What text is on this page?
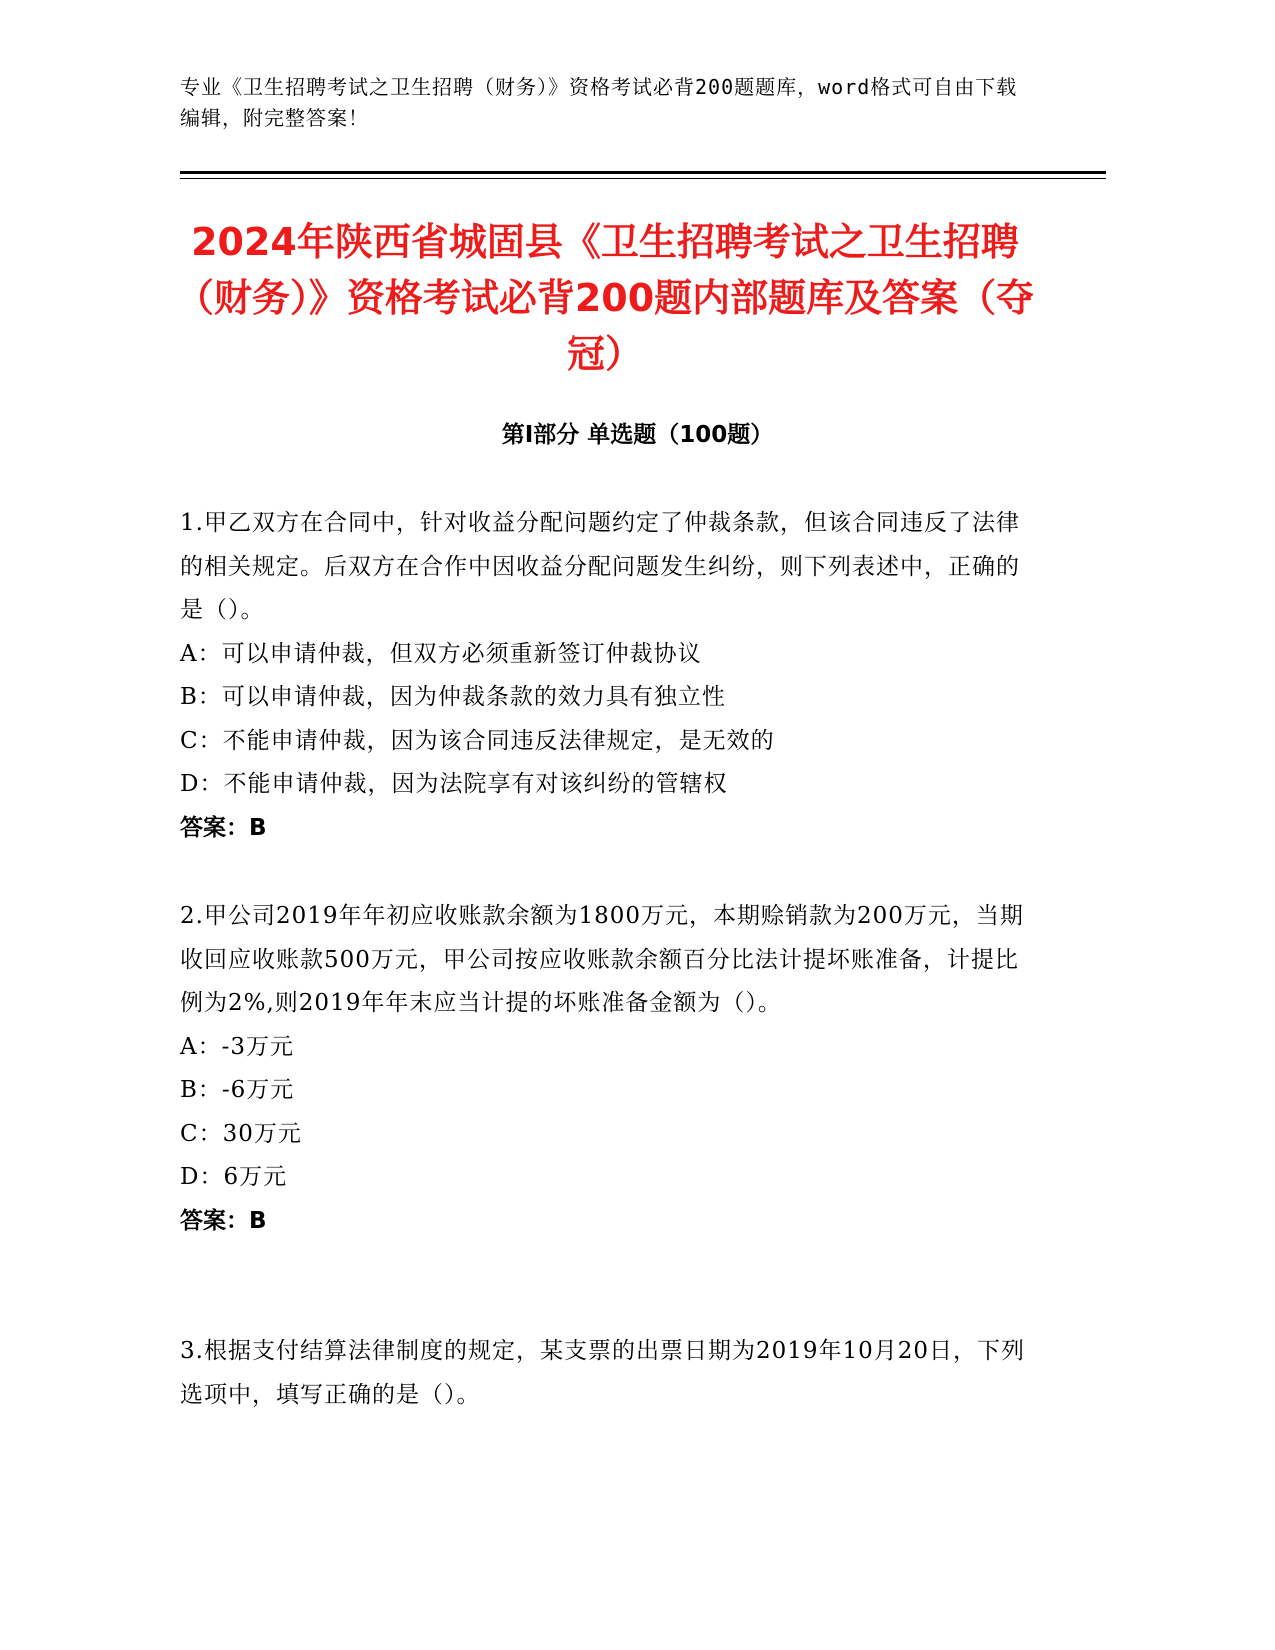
专业《卫生招聘考试之卫生招聘（财务）》资格考试必背200题题库，word格式可自由下载编辑，附完整答案！
2024年陕西省城固县《卫生招聘考试之卫生招聘（财务）》资格考试必背200题内部题库及答案（夺冠）
第I部分 单选题（100题）

1.甲乙双方在合同中，针对收益分配问题约定了仲裁条款，但该合同违反了法律的相关规定。后双方在合作中因收益分配问题发生纠纷，则下列表述中，正确的是（）。

A：可以申请仲裁，但双方必须重新签订仲裁协议

B：可以申请仲裁，因为仲裁条款的效力具有独立性

C：不能申请仲裁，因为该合同违反法律规定，是无效的

D：不能申请仲裁，因为法院享有对该纠纷的管辖权

答案：B

2.甲公司2019年年初应收账款余额为1800万元，本期赊销款为200万元，当期收回应收账款500万元，甲公司按应收账款余额百分比法计提坏账准备，计提比例为2%,则2019年年末应当计提的坏账准备金额为（）。

A：-3万元

B：-6万元

C：30万元

D：6万元

答案：B

3.根据支付结算法律制度的规定，某支票的出票日期为2019年10月20日，下列选项中，填写正确的是（）。
